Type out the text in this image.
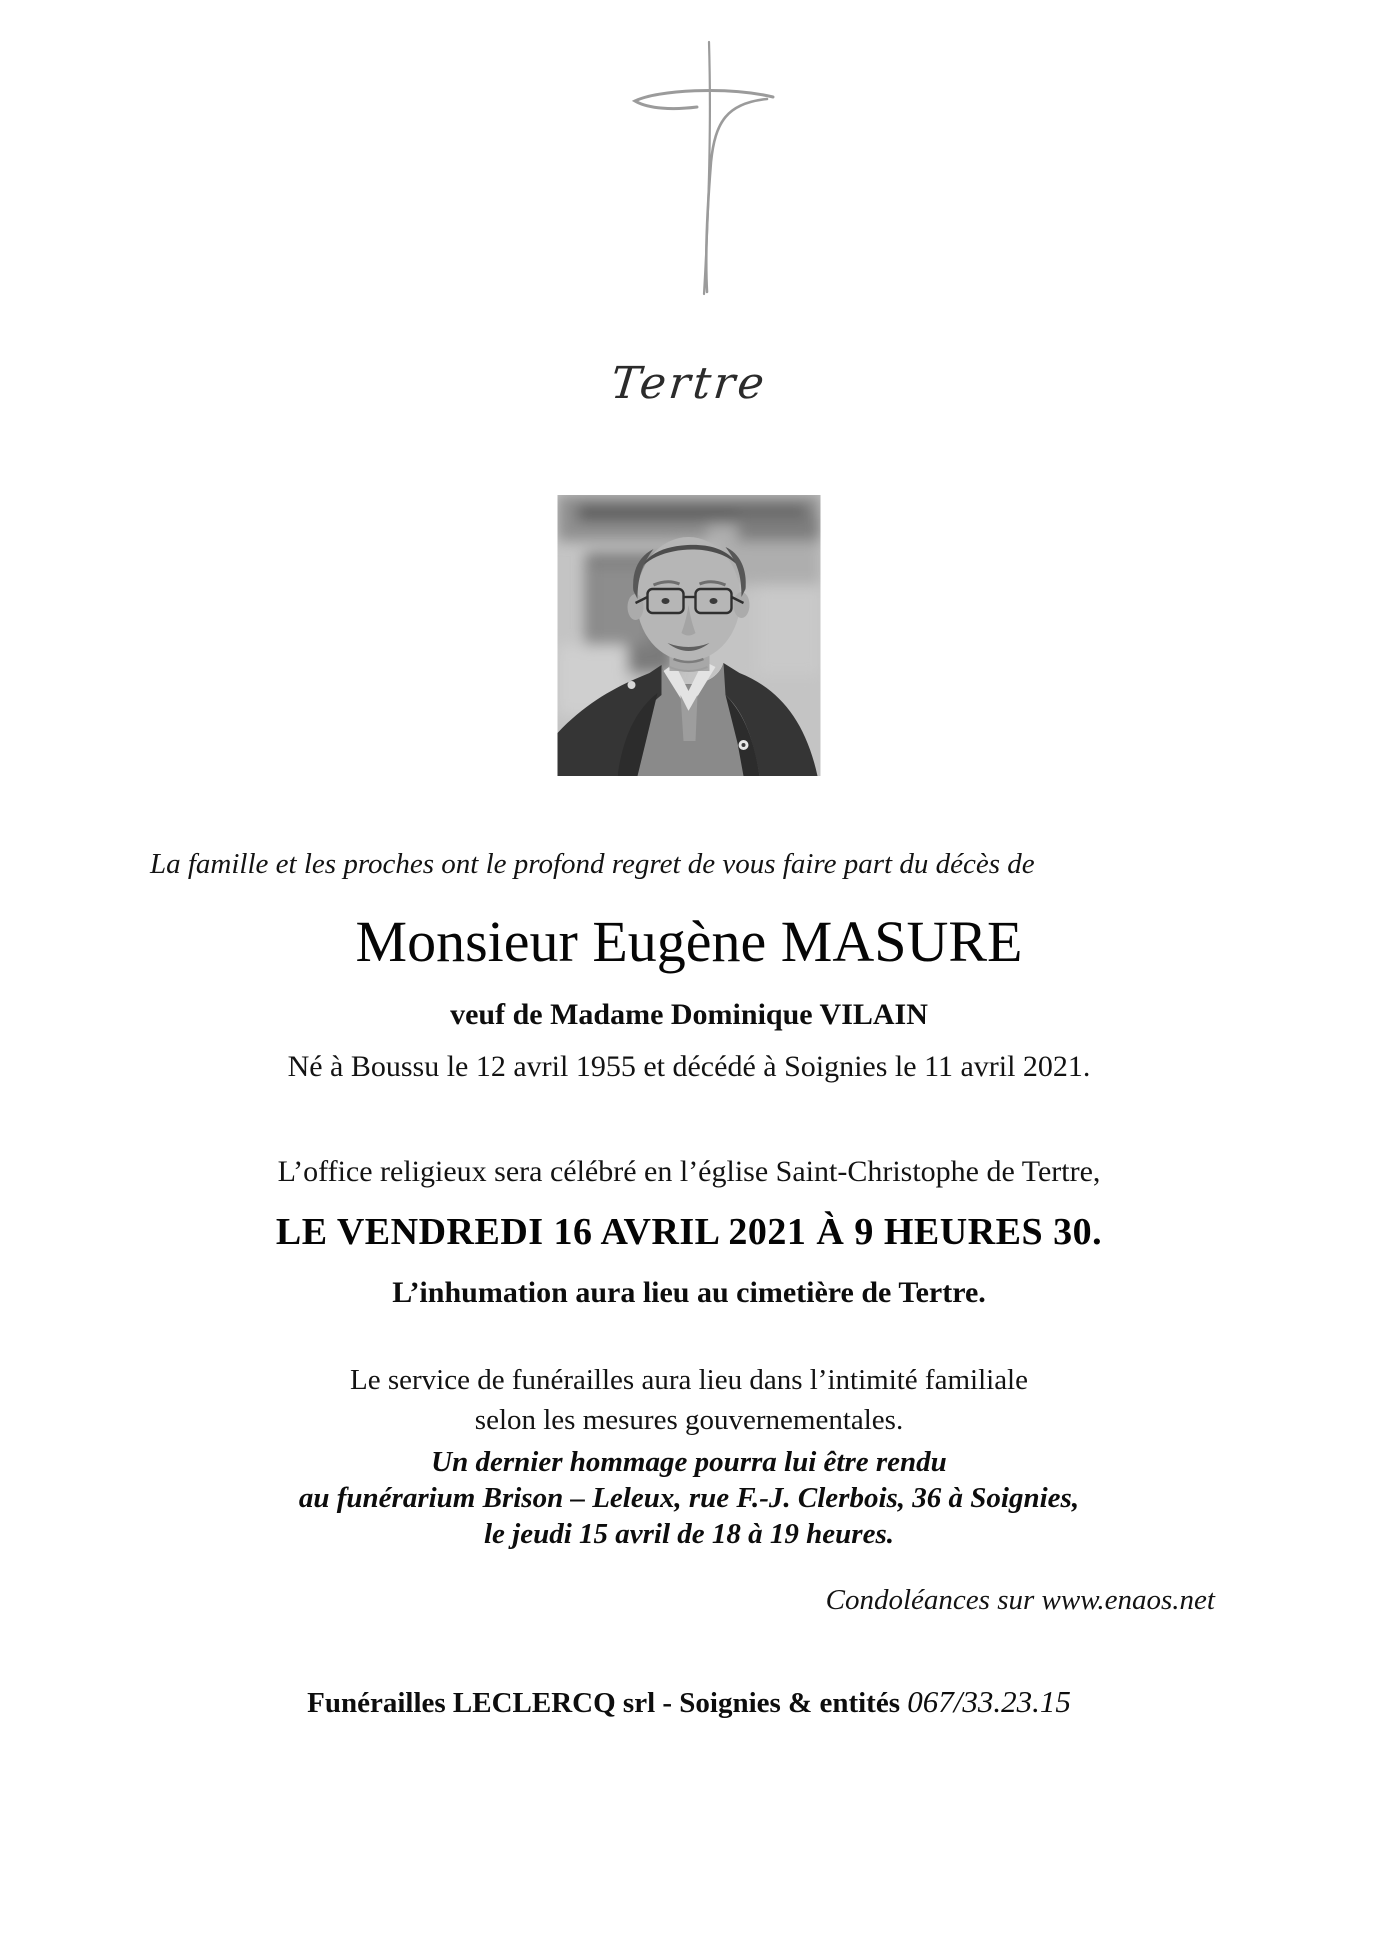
Tertre
La famille et les proches ont le profond regret de vous faire part du décès de
Monsieur Eugène MASURE
veuf de Madame Dominique VILAIN
Né à Boussu le 12 avril 1955 et décédé à Soignies le 11 avril 2021.
L’office religieux sera célébré en l’église Saint-Christophe de Tertre,
LE VENDREDI 16 AVRIL 2021 À 9 HEURES 30.
L’inhumation aura lieu au cimetière de Tertre.
Le service de funérailles aura lieu dans l’intimité familiale
selon les mesures gouvernementales.
Un dernier hommage pourra lui être rendu
au funérarium Brison – Leleux, rue F.-J. Clerbois, 36 à Soignies,
le jeudi 15 avril de 18 à 19 heures.
Condoléances sur www.enaos.net
Funérailles LECLERCQ srl - Soignies & entités 067/33.23.15
